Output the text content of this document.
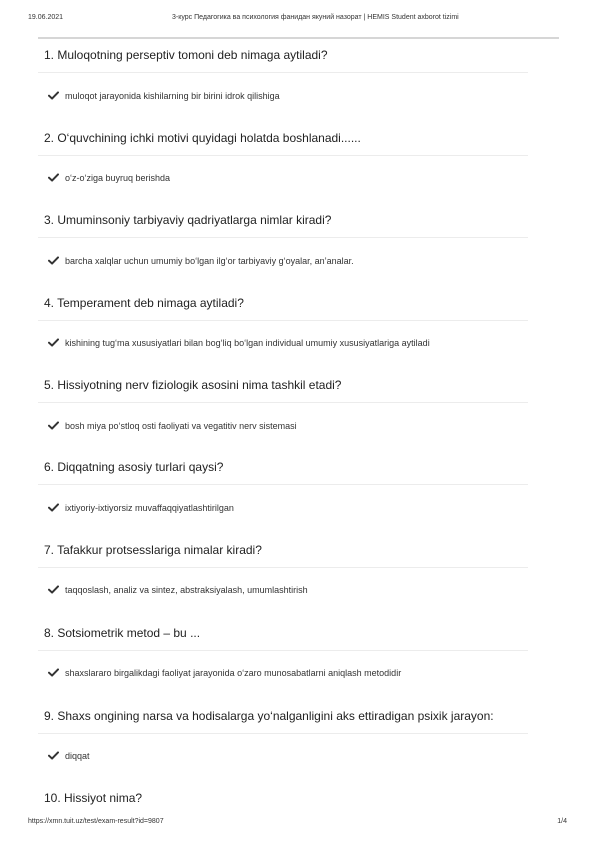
19.06.2021	3-курс Педагогика ва психология фанидан якуний назорат | HEMIS Student axborot tizimi
1. Muloqotning perseptiv tomoni deb nimaga aytiladi?
muloqot jarayonida kishilarning bir birini idrok qilishiga
2. O‘quvchining ichki motivi quyidagi holatda boshlanadi......
o‘z-o‘ziga buyruq berishda
3. Umuminsoniy tarbiyaviy qadriyatlarga nimlar kiradi?
barcha xalqlar uchun umumiy bo‘lgan ilg‘or tarbiyaviy g‘oyalar, an’analar.
4. Temperament deb nimaga aytiladi?
kishining tug‘ma xususiyatlari bilan bog‘liq bo‘lgan individual umumiy xususiyatlariga aytiladi
5. Hissiyotning nerv fiziologik asosini nima tashkil etadi?
bosh miya po‘stloq osti faoliyati va vegatitiv nerv sistemasi
6. Diqqatning asosiy turlari qaysi?
ixtiyoriy-ixtiyorsiz muvaffaqqiyatlashtirilgan
7. Tafakkur protsesslariga nimalar kiradi?
taqqoslash, analiz va sintez, abstraksiyalash, umumlashtirish
8. Sotsiometrik metod – bu ...
shaxslararo birgalikdagi faoliyat jarayonida o‘zaro munosabatlarni aniqlash metodidir
9. Shaxs ongining narsa va hodisalarga yo‘nalganligini aks ettiradigan psixik jarayon:
diqqat
10. Hissiyot nima?
https://xmn.tuit.uz/test/exam-result?id=9807	1/4
